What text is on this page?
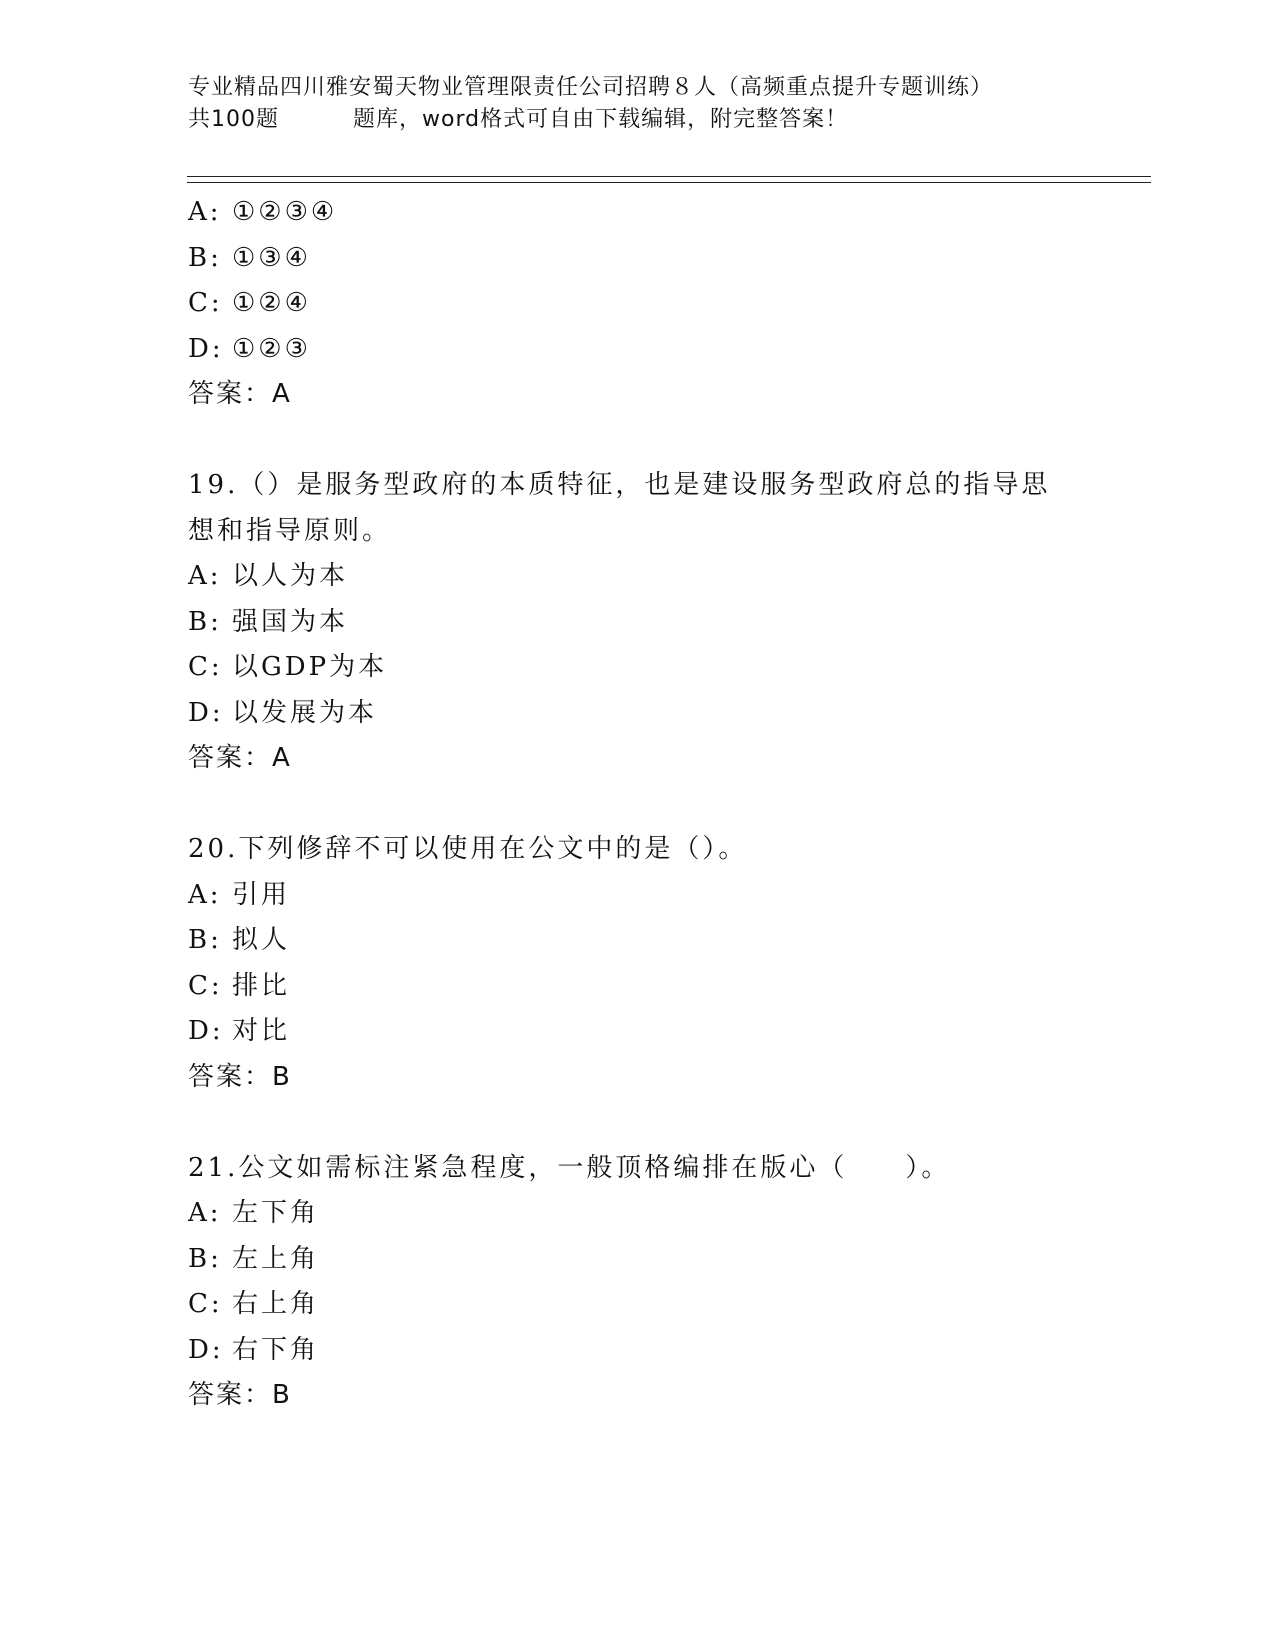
专业精品四川雅安蜀天物业管理限责任公司招聘８人（高频重点提升专题训练）
共100题	题库，word格式可自由下载编辑，附完整答案！
A: ①②③④
B: ①③④
C: ①②④
D: ①②③
答案：A
19.（）是服务型政府的本质特征，也是建设服务型政府总的指导思想和指导原则。
A: 以人为本
B: 强国为本
C: 以GDP为本
D: 以发展为本
答案：A
20.下列修辞不可以使用在公文中的是（）。
A: 引用
B: 拟人
C: 排比
D: 对比
答案：B
21.公文如需标注紧急程度，一般顶格编排在版心（　　）。
A: 左下角
B: 左上角
C: 右上角
D: 右下角
答案：B
